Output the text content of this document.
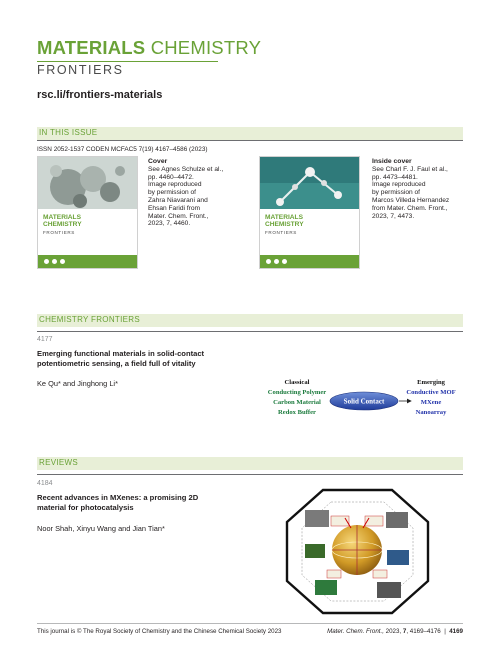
MATERIALS CHEMISTRY
FRONTIERS
rsc.li/frontiers-materials
IN THIS ISSUE
ISSN 2052-1537 CODEN MCFAC5 7(19) 4167–4586 (2023)
MATERIALS
CHEMISTRY
FRONTIERS
Cover
See Agnes Schulze et al.,
pp. 4460–4472.
Image reproduced
by permission of
Zahra Niavarani and
Ehsan Faridi from
Mater. Chem. Front.,
2023, 7, 4460.
MATERIALS
CHEMISTRY
FRONTIERS
Inside cover
See Charl F. J. Faul et al.,
pp. 4473–4481.
Image reproduced
by permission of
Marcos Villeda Hernandez
from Mater. Chem. Front.,
2023, 7, 4473.
CHEMISTRY FRONTIERS
4177
Emerging functional materials in solid-contact
potentiometric sensing, a field full of vitality
Ke Qu* and Jinghong Li*	Classical
Conducting Polymer
Carbon Material
Redox Buffer
Solid Contact
Emerging
Conductive MOF
MXene
Nanoarray
REVIEWS
4184
Recent advances in MXenes: a promising 2D
material for photocatalysis
Noor Shah, Xinyu Wang and Jian Tian*
This journal is © The Royal Society of Chemistry and the Chinese Chemical Society 2023	Mater. Chem. Front., 2023, 7, 4169–4176  |  4169
